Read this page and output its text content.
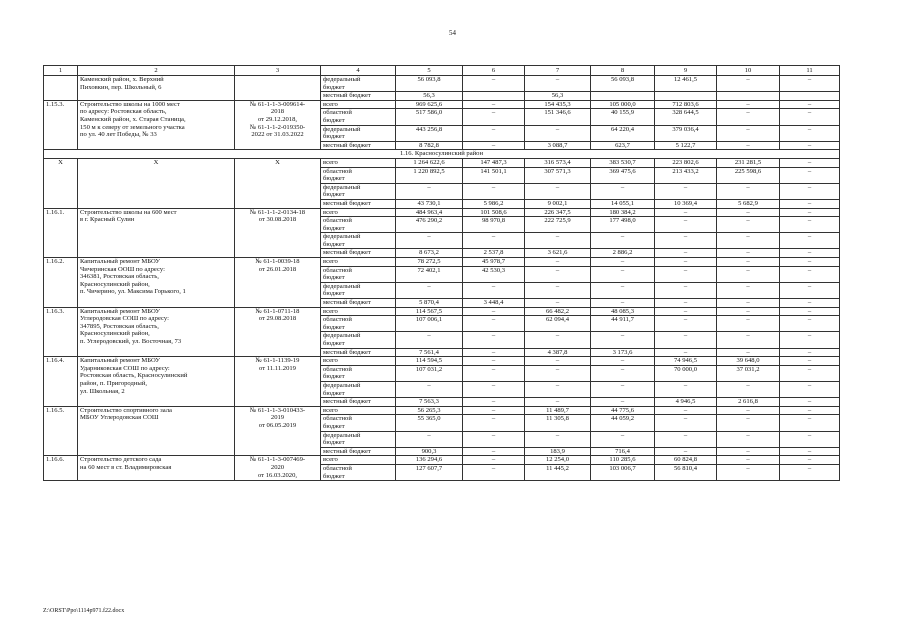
54
1	2	3	4	5	6	7	8	9	10	11
	Каменский район, х. Верхний
Пиховкин, пер. Школьный, 6		федеральный
бюджет	56 093,8	–	–	56 093,8	12 461,5	–	–
			местный бюджет	56,3		56,3				
1.15.3.	Строительство школы на 1000 мест
по адресу: Ростовская область,
Каменский район, х. Старая Станица,
150 м к северу от земельного участка
по ул. 40 лет Победы, № 33	№ 61-1-1-3-009614-
2018
от 29.12.2018,
№ 61-1-1-2-019350-
2022 от 31.03.2022	всего	969 625,6	–	154 435,3	105 000,0	712 803,6	–	–
			областной
бюджет	517 586,0	–	151 346,6	40 155,9	328 644,5	–	–
			федеральный
бюджет	443 256,8	–	–	64 220,4	379 036,4	–	–
			местный бюджет	8 782,8	–	3 088,7	623,7	5 122,7	–	–
1.16. Красносулинский район										
Х	Х	Х	всего	1 264 622,6	147 487,3	316 573,4	383 530,7	223 802,6	231 281,5	–
			областной
бюджет	1 220 892,5	141 501,1	307 571,3	369 475,6	213 433,2	225 598,6	–
			федеральный
бюджет	–	–	–	–	–	–	–
			местный бюджет	43 730,1	5 986,2	9 002,1	14 055,1	10 369,4	5 682,9	–
1.16.1.	Строительство школы на 600 мест
в г. Красный Сулин	№ 61-1-1-2-0134-18
от 30.08.2018	всего	484 963,4	101 508,6	226 347,5	180 384,2	–	–	–
			областной
бюджет	476 290,2	98 970,8	222 725,9	177 498,0	–	–	–
			федеральный
бюджет	–	–	–	–	–	–	–
			местный бюджет	8 673,2	2 537,8	3 621,6	2 886,2	–	–	–
1.16.2.	Капитальный ремонт МБОУ
Чичеринская ООШ по адресу:
346381, Ростовская область,
Красносулинский район,
п. Чичерино, ул. Максима Горького, 1	№ 61-1-0039-18
от 26.01.2018	всего	78 272,5	45 978,7	–	–	–	–	–
			областной
бюджет	72 402,1	42 530,3	–	–	–	–	–
			федеральный
бюджет	–	–	–	–	–	–	–
			местный бюджет	5 870,4	3 448,4	–	–	–	–	–
1.16.3.	Капитальный ремонт МБОУ
Углеродовская СОШ по адресу:
347895, Ростовская область,
Красносулинский район,
п. Углеродовский, ул. Восточная, 73	№ 61-1-0711-18
от 29.08.2018	всего	114 567,5	–	66 482,2	48 085,3	–	–	–
			областной
бюджет	107 006,1	–	62 094,4	44 911,7	–	–	–
			федеральный
бюджет	–	–	–	–	–	–	–
			местный бюджет	7 561,4	–	4 387,8	3 173,6	–	–	–
1.16.4.	Капитальный ремонт МБОУ
Ударниковская СОШ по адресу:
Ростовская область, Красносулинский
район, п. Пригородный,
ул. Школьная, 2	№ 61-1-1139-19
от 11.11.2019	всего	114 594,5	–	–	–	74 946,5	39 648,0	–
			областной
бюджет	107 031,2	–	–	–	70 000,0	37 031,2	–
			федеральный
бюджет	–	–	–	–	–	–	–
			местный бюджет	7 563,3	–	–	–	4 946,5	2 616,8	–
1.16.5.	Строительство спортивного зала
МБОУ Углеродовская СОШ	№ 61-1-1-3-010433-
2019
от 06.05.2019	всего	56 265,3	–	11 489,7	44 775,6	–	–	–
			областной
бюджет	55 365,0	–	11 305,8	44 059,2	–	–	–
			федеральный
бюджет	–	–	–	–	–	–	–
			местный бюджет	900,3	–	183,9	716,4	–	–	–
1.16.6.	Строительство детского сада
на 60 мест в ст. Владимировская	№ 61-1-1-3-007469-
2020
от 16.03.2020,	всего	136 294,6	–	12 254,0	110 285,6	60 824,8	–	–
			областной
бюджет	127 607,7	–	11 445,2	103 006,7	56 810,4	–	–
Z:\ORST\Ppo\1114p971.f22.docx
